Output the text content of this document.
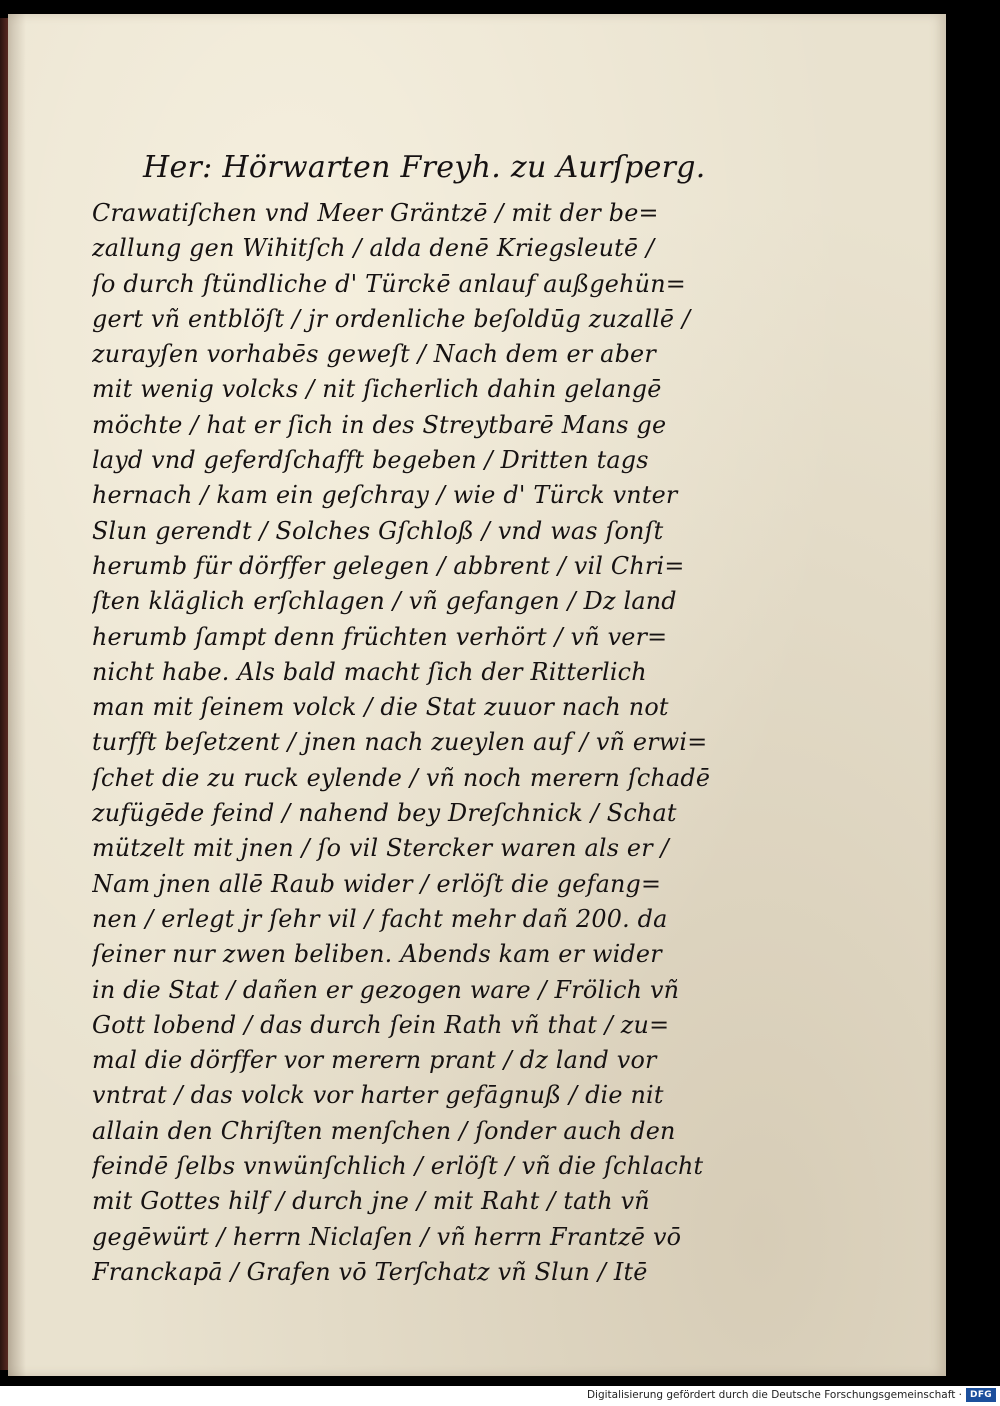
Her: Hörwarten Freyh. zu Aurſperg.
Crawatiſchen vnd Meer Gräntzē / mit der be=
zallung gen Wihitſch / alda denē Kriegsleutē /
ſo durch ſtündliche d' Türckē anlauf außgehün=
gert vñ entblöſt / jr ordenliche beſoldūg zuzallē /
zurayſen vorhabēs geweſt / Nach dem er aber
mit wenig volcks / nit ſicherlich dahin gelangē
möchte / hat er ſich in des Streytbarē Mans ge
layd vnd geferdſchafft begeben / Dritten tags
hernach / kam ein geſchray / wie d' Türck vnter
Slun gerendt / Solches Gſchloß / vnd was ſonſt
herumb für dörffer gelegen / abbrent / vil Chri=
ſten kläglich erſchlagen / vñ gefangen / Dz land
herumb ſampt denn früchten verhört / vñ ver=
nicht habe. Als bald macht ſich der Ritterlich
man mit ſeinem volck / die Stat zuuor nach not
turfft beſetzent / jnen nach zueylen auf / vñ erwi=
ſchet die zu ruck eylende / vñ noch merern ſchadē
zufügēde feind / nahend bey Dreſchnick / Schat
mützelt mit jnen / ſo vil Stercker waren als er /
Nam jnen allē Raub wider / erlöſt die gefang=
nen / erlegt jr ſehr vil / facht mehr dañ 200. da
ſeiner nur zwen beliben. Abends kam er wider
in die Stat / dañen er gezogen ware / Frölich vñ
Gott lobend / das durch ſein Rath vñ that / zu=
mal die dörffer vor merern prant / dz land vor
vntrat / das volck vor harter gefāgnuß / die nit
allain den Chriſten menſchen / ſonder auch den
feindē ſelbs vnwünſchlich / erlöſt / vñ die ſchlacht
mit Gottes hilf / durch jne / mit Raht / tath vñ
gegēwürt / herrn Niclaſen / vñ herrn Frantzē vō
Franckapā / Grafen vō Terſchatz vñ Slun / Itē
Digitalisierung gefördert durch die Deutsche Forschungsgemeinschaft · DFG
